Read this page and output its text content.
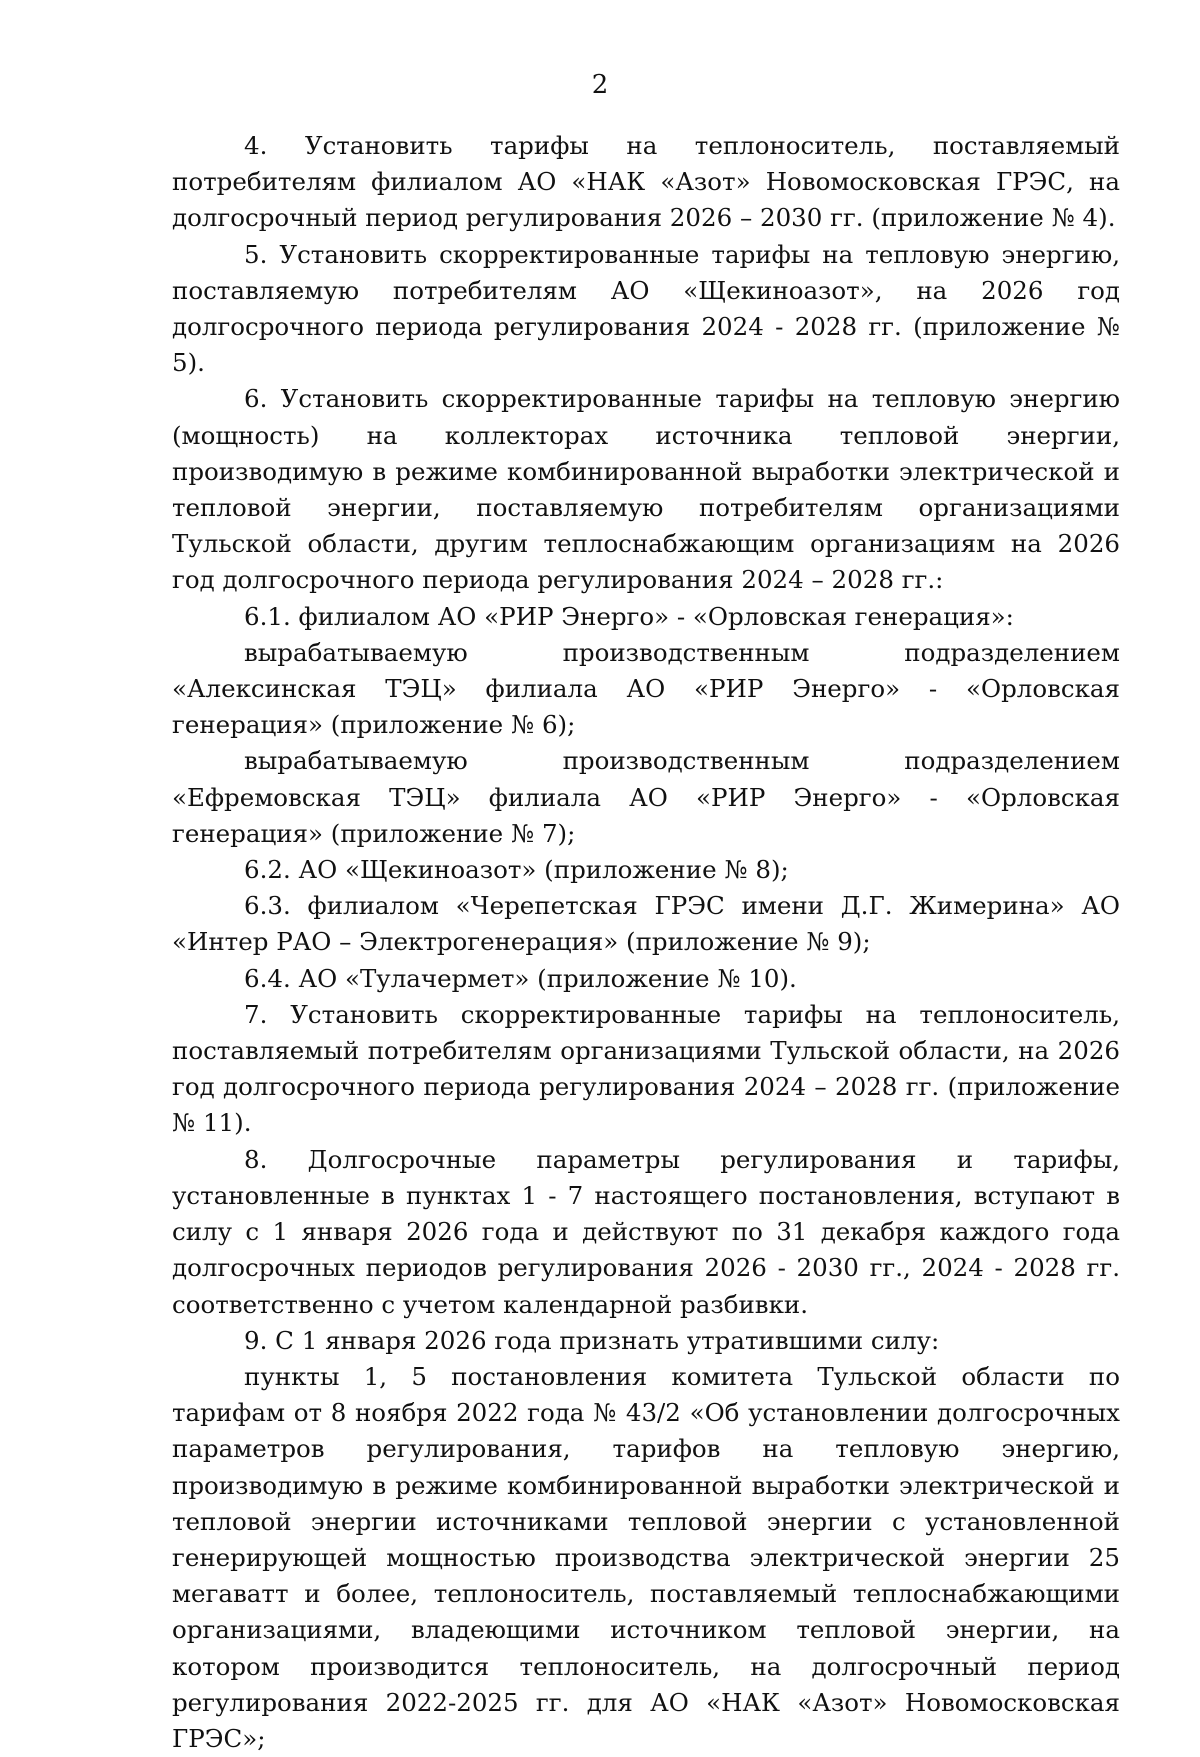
2

4. Установить тарифы на теплоноситель, поставляемый потребителям филиалом АО «НАК «Азот» Новомосковская ГРЭС, на долгосрочный период регулирования 2026 – 2030 гг. (приложение № 4).

5. Установить скорректированные тарифы на тепловую энергию, поставляемую потребителям АО «Щекиноазот», на 2026 год долгосрочного периода регулирования 2024 - 2028 гг. (приложение № 5).

6. Установить скорректированные тарифы на тепловую энергию (мощность) на коллекторах источника тепловой энергии, производимую в режиме комбинированной выработки электрической и тепловой энергии, поставляемую потребителям организациями Тульской области, другим теплоснабжающим организациям на 2026 год долгосрочного периода регулирования 2024 – 2028 гг.:

6.1. филиалом АО «РИР Энерго» - «Орловская генерация»:

вырабатываемую производственным подразделением «Алексинская ТЭЦ» филиала АО «РИР Энерго» - «Орловская генерация» (приложение № 6);

вырабатываемую производственным подразделением «Ефремовская ТЭЦ» филиала АО «РИР Энерго» - «Орловская генерация» (приложение № 7);

6.2. АО «Щекиноазот» (приложение № 8);

6.3. филиалом «Черепетская ГРЭС имени Д.Г. Жимерина» АО «Интер РАО – Электрогенерация» (приложение № 9);

6.4. АО «Тулачермет» (приложение № 10).

7. Установить скорректированные тарифы на теплоноситель, поставляемый потребителям организациями Тульской области, на 2026 год долгосрочного периода регулирования 2024 – 2028 гг. (приложение № 11).

8. Долгосрочные параметры регулирования и тарифы, установленные в пунктах 1 - 7 настоящего постановления, вступают в силу с 1 января 2026 года и действуют по 31 декабря каждого года долгосрочных периодов регулирования 2026 - 2030 гг., 2024 - 2028 гг. соответственно с учетом календарной разбивки.

9. С 1 января 2026 года признать утратившими силу:

пункты 1, 5 постановления комитета Тульской области по тарифам от 8 ноября 2022 года № 43/2 «Об установлении долгосрочных параметров регулирования, тарифов на тепловую энергию, производимую в режиме комбинированной выработки электрической и тепловой энергии источниками тепловой энергии с установленной генерирующей мощностью производства электрической энергии 25 мегаватт и более, теплоноситель, поставляемый теплоснабжающими организациями, владеющими источником тепловой энергии, на котором производится теплоноситель, на долгосрочный период регулирования 2022-2025 гг. для АО «НАК «Азот» Новомосковская ГРЭС»;
